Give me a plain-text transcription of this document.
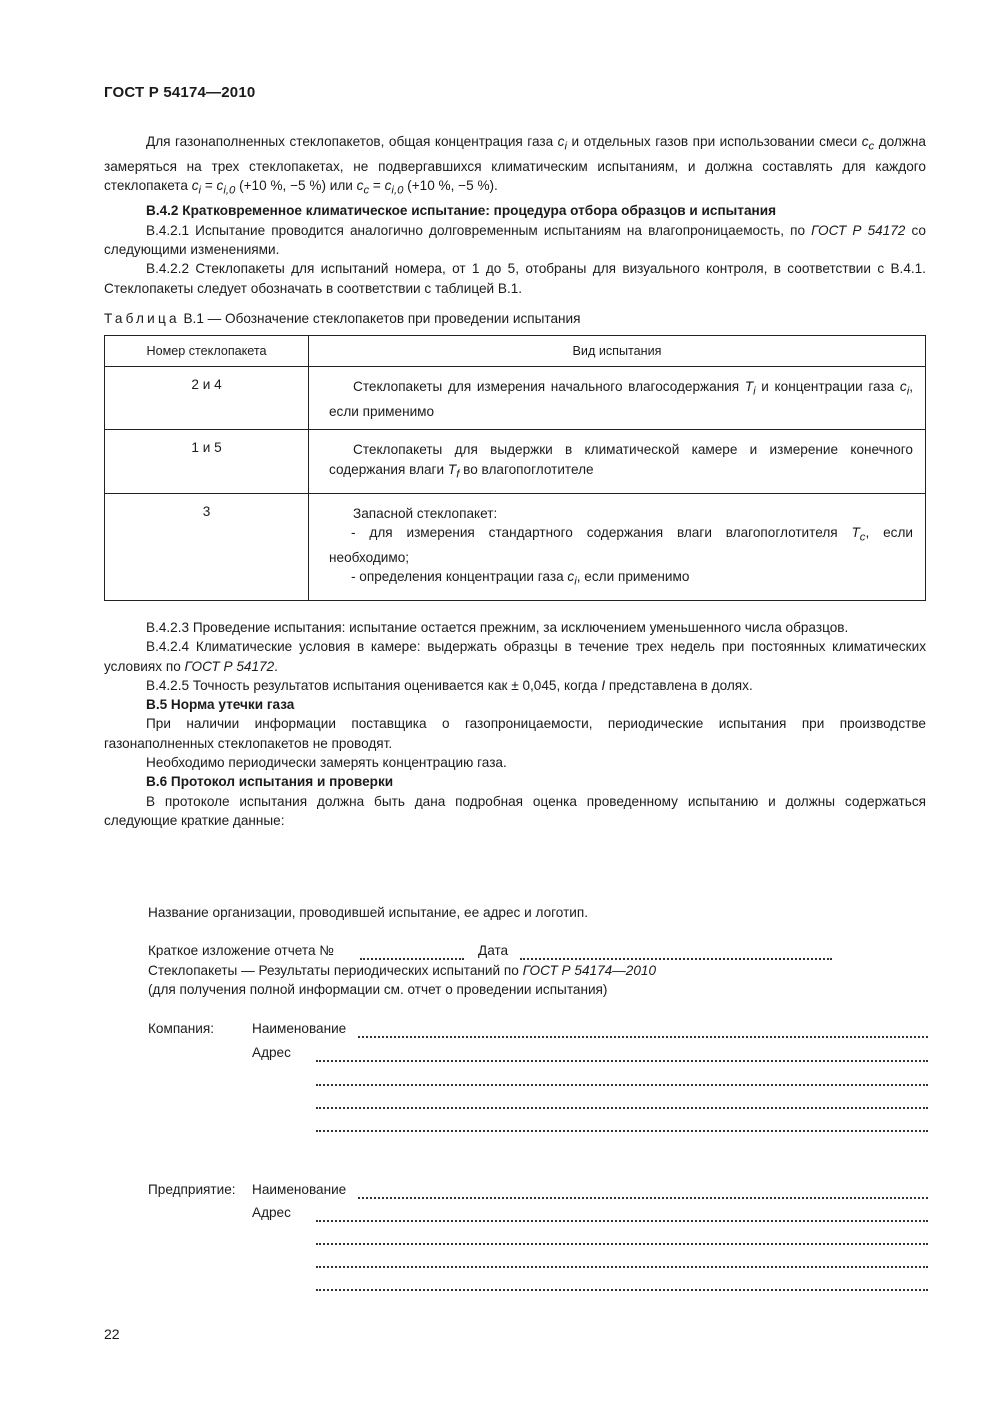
ГОСТ Р 54174—2010

Для газонаполненных стеклопакетов, общая концентрация газа $c_i$ и отдельных газов при использовании смеси $c_c$ должна замеряться на трех стеклопакетах, не подвергавшихся климатическим испытаниям, и должна составлять для каждого стеклопакета $c_i = c_{i,0}$ (+10 %, −5 %) или $c_c = c_{i,0}$ (+10 %, −5 %).

В.4.2 Кратковременное климатическое испытание: процедура отбора образцов и испытания

В.4.2.1 Испытание проводится аналогично долговременным испытаниям на влагопроницаемость, по ГОСТ Р 54172 со следующими изменениями.

В.4.2.2 Стеклопакеты для испытаний номера, от 1 до 5, отобраны для визуального контроля, в соответствии с В.4.1. Стеклопакеты следует обозначать в соответствии с таблицей В.1.

Таблица В.1 — Обозначение стеклопакетов при проведении испытания
Номер стеклопакета	Вид испытания
2 и 4	Стеклопакеты для измерения начального влагосодержания $T_i$ и концентрации газа $c_i$, если применимо

1 и 5	Стеклопакеты для выдержки в климатической камере и измерение конечного содержания влаги $T_f$ во влагопоглотителе

3	Запасной стеклопакет:

- для измерения стандартного содержания влаги влагопоглотителя $T_c$, если необходимо;

- определения концентрации газа $c_i$, если применимо

В.4.2.3 Проведение испытания: испытание остается прежним, за исключением уменьшенного числа образцов.

В.4.2.4 Климатические условия в камере: выдержать образцы в течение трех недель при постоянных климатических условиях по ГОСТ Р 54172.

В.4.2.5 Точность результатов испытания оценивается как ± 0,045, когда I представлена в долях.

В.5 Норма утечки газа

При наличии информации поставщика о газопроницаемости, периодические испытания при производстве газонаполненных стеклопакетов не проводят.

Необходимо периодически замерять концентрацию газа.

В.6 Протокол испытания и проверки

В протоколе испытания должна быть дана подробная оценка проведенному испытанию и должны содержаться следующие краткие данные:

Название организации, проводившей испытание, ее адрес и логотип.
Краткое изложение отчета №	Дата
Стеклопакеты — Результаты периодических испытаний по ГОСТ Р 54174—2010
(для получения полной информации см. отчет о проведении испытания)
Компания:	Наименование
Адрес
Предприятие: Наименование
Адрес
22
